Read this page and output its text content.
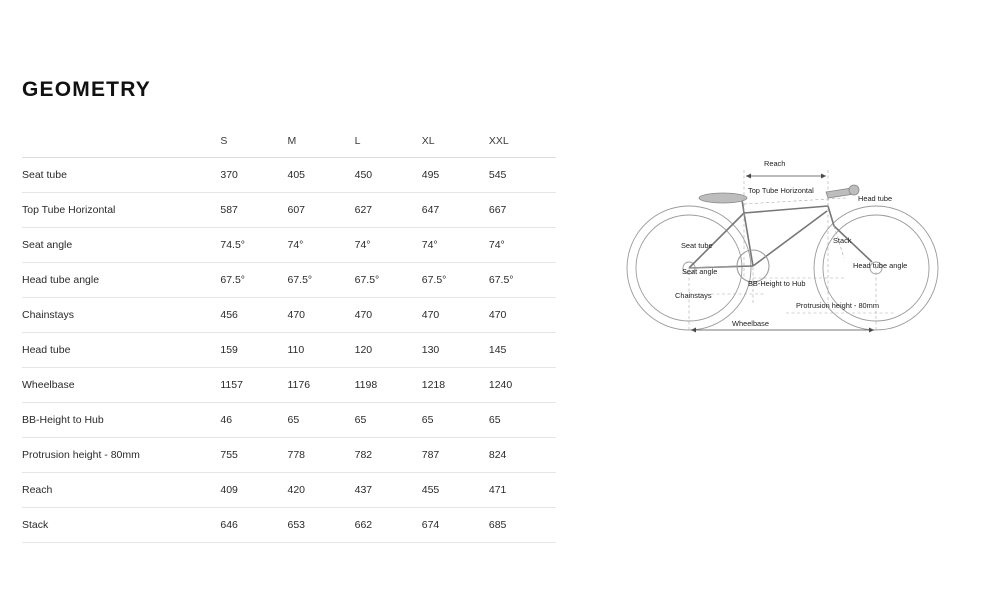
GEOMETRY
	S	M	L	XL	XXL
Seat tube	370	405	450	495	545
Top Tube Horizontal	587	607	627	647	667
Seat angle	74.5°	74°	74°	74°	74°
Head tube angle	67.5°	67.5°	67.5°	67.5°	67.5°
Chainstays	456	470	470	470	470
Head tube	159	110	120	130	145
Wheelbase	1157	1176	1198	1218	1240
BB-Height to Hub	46	65	65	65	65
Protrusion height - 80mm	755	778	782	787	824
Reach	409	420	437	455	471
Stack	646	653	662	674	685
Reach
Top Tube Horizontal
Head tube
Seat tube
Stack
Seat angle
Head tube angle
Chainstays
BB-Height to Hub
Protrusion height - 80mm
Wheelbase
